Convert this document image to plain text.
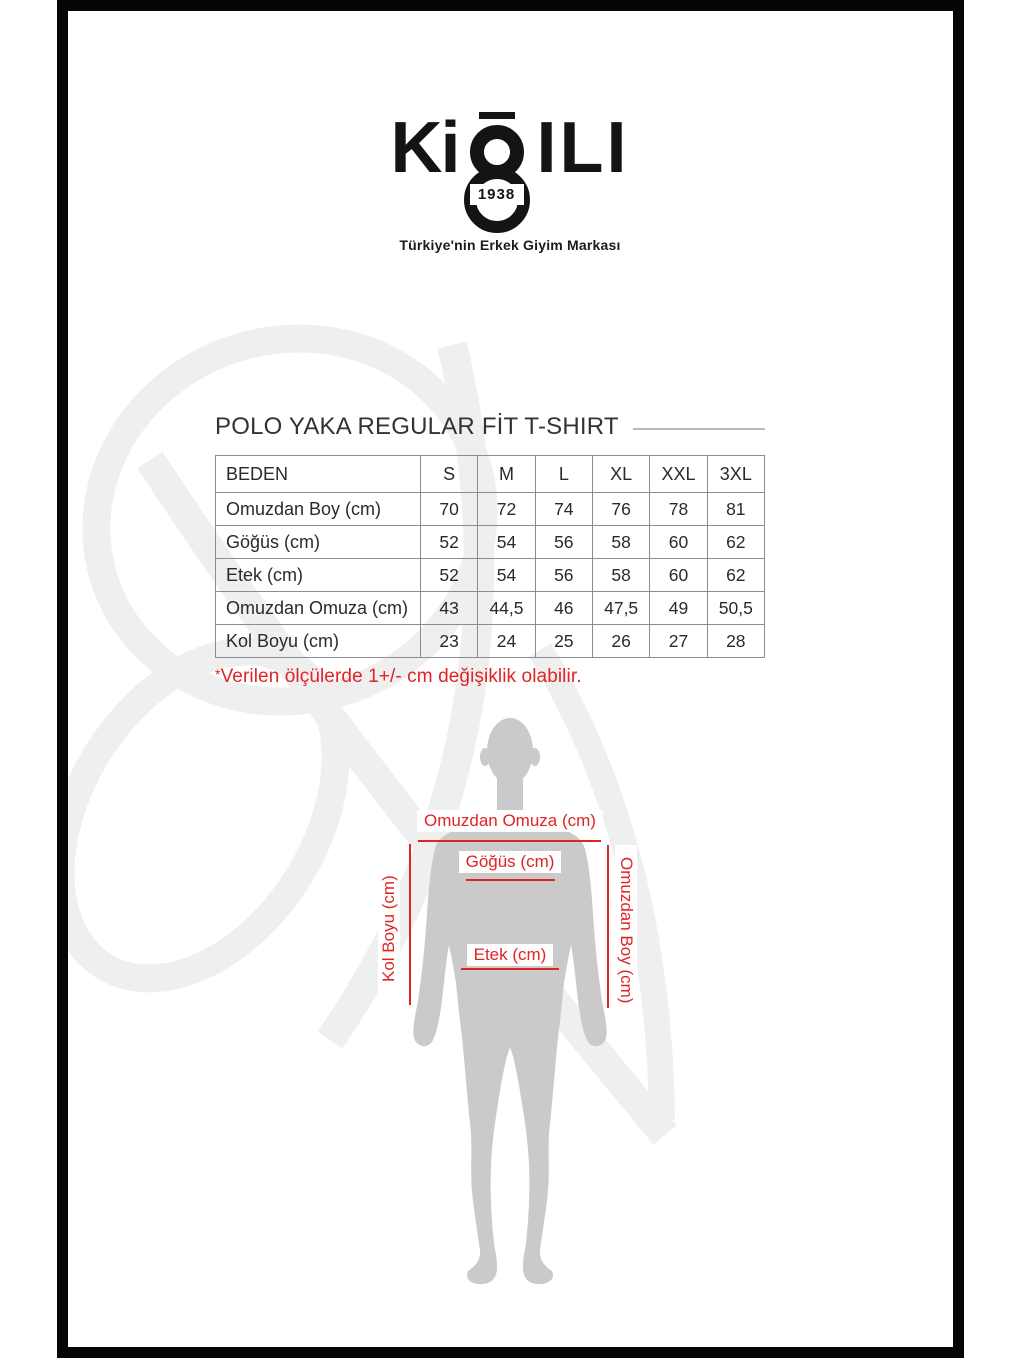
Ki
1938
ILI
Türkiye'nin Erkek Giyim Markası
POLO YAKA REGULAR FİT T-SHIRT
BEDEN	S	M	L	XL	XXL	3XL
Omuzdan Boy (cm)	70	72	74	76	78	81
Göğüs (cm)	52	54	56	58	60	62
Etek (cm)	52	54	56	58	60	62
Omuzdan Omuza (cm)	43	44,5	46	47,5	49	50,5
Kol Boyu (cm)	23	24	25	26	27	28
*Verilen ölçülerde 1+/- cm değişiklik olabilir.
Omuzdan Omuza (cm)
Göğüs (cm)
Etek (cm)
Kol Boyu (cm)	Omuzdan Boy (cm)
